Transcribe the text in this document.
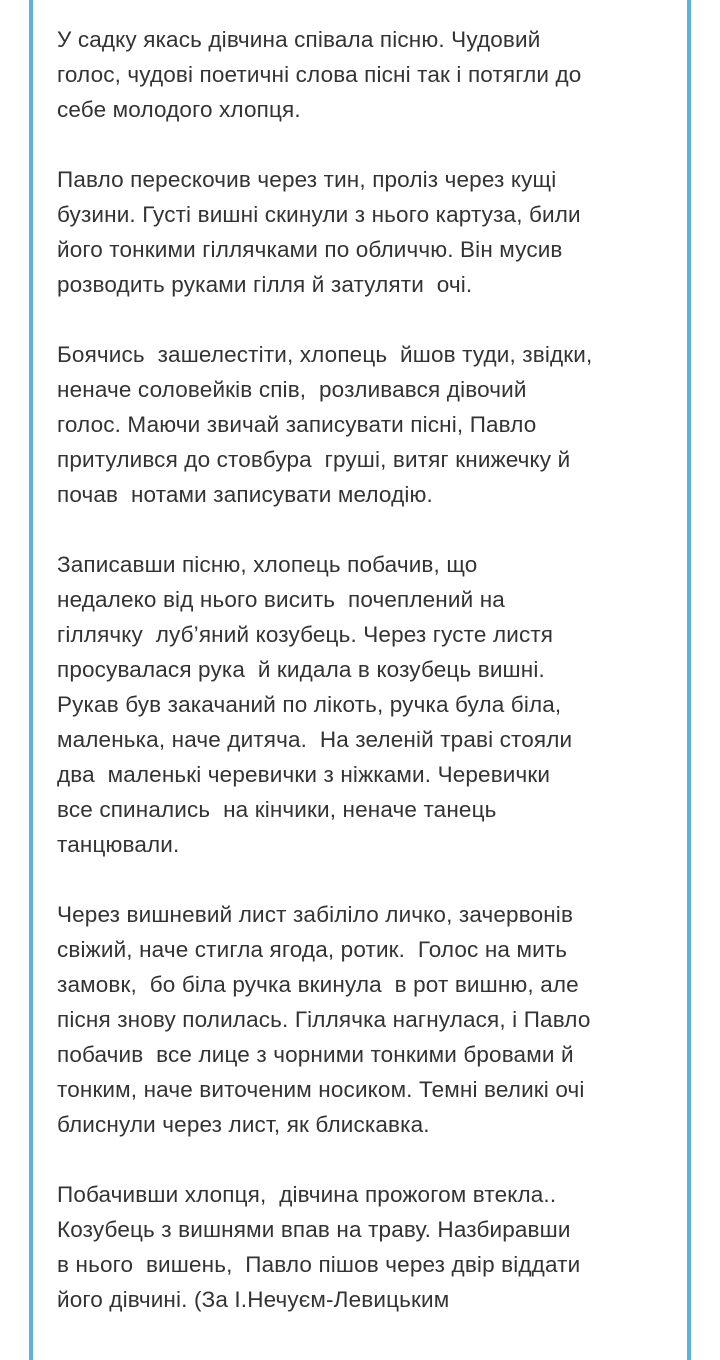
У садку якась дівчина співала пісню. Чудовий
голос, чудові поетичні слова пісні так і потягли до
себе молодого хлопця.

Павло перескочив через тин, проліз через кущі
бузини. Густі вишні скинули з нього картуза, били
його тонкими гіллячками по обличчю. Він мусив
розводить руками гілля й затуляти  очі.

Боячись  зашелестіти, хлопець  йшов туди, звідки,
неначе соловейків спів,  розливався дівочий
голос. Маючи звичай записувати пісні, Павло
притулився до стовбура  груші, витяг книжечку й
почав  нотами записувати мелодію.

Записавши пісню, хлопець побачив, що
недалеко від нього висить  почеплений на
гіллячку  луб’яний козубець. Через густе листя
просувалася рука  й кидала в козубець вишні.
Рукав був закачаний по лікоть, ручка була біла,
маленька, наче дитяча.  На зеленій траві стояли
два  маленькі черевички з ніжками. Черевички
все спинались  на кінчики, неначе танець
танцювали.

Через вишневий лист забіліло личко, зачервонів
свіжий, наче стигла ягода, ротик.  Голос на мить
замовк,  бо біла ручка вкинула  в рот вишню, але
пісня знову полилась. Гіллячка нагнулася, і Павло
побачив  все лице з чорними тонкими бровами й
тонким, наче виточеним носиком. Темні великі очі
блиснули через лист, як блискавка.

Побачивши хлопця,  дівчина прожогом втекла..
Козубець з вишнями впав на траву. Назбиравши
в нього  вишень,  Павло пішов через двір віддати
його дівчині. (За І.Нечуєм-Левицьким
